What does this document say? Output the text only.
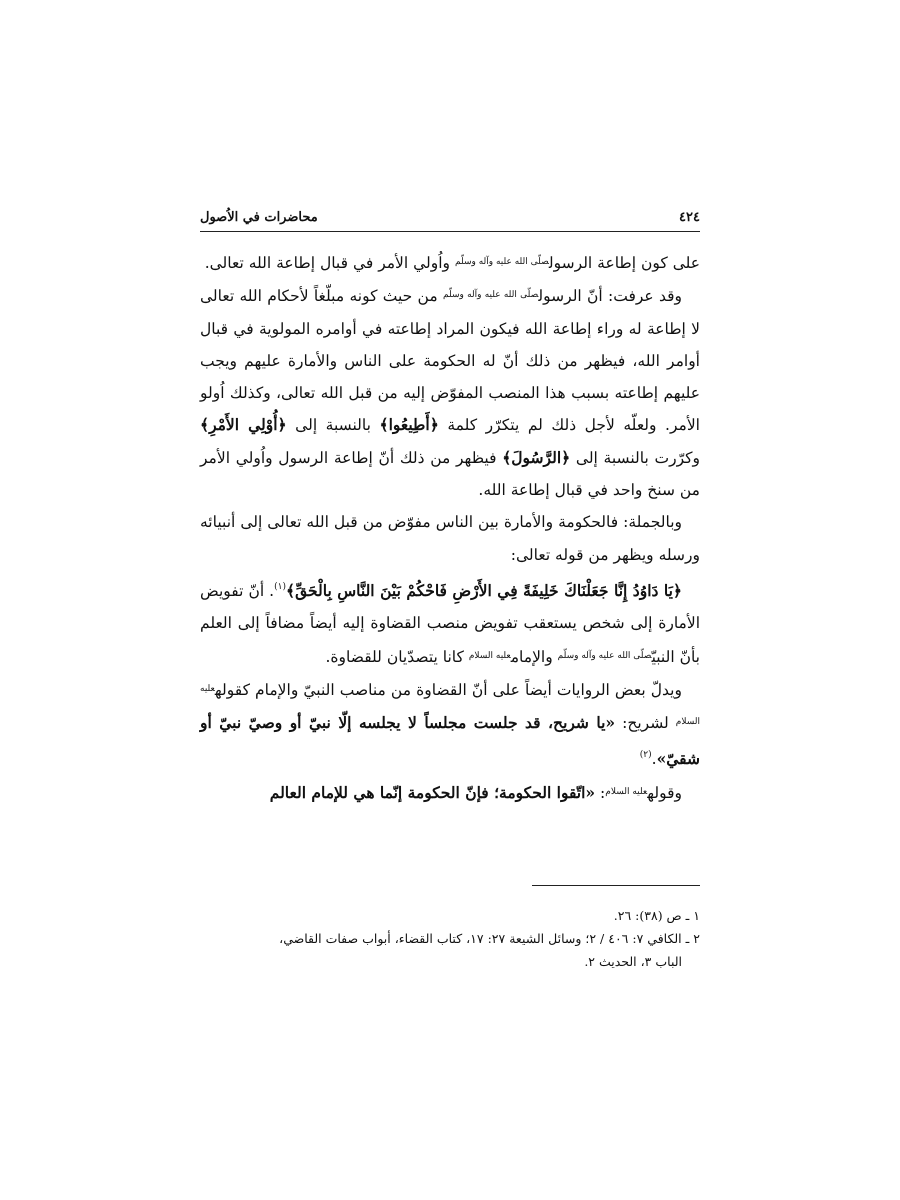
٤٢٤
محاضرات في الاُصول

على كون إطاعة الرسول$^{صلّى الله عليه وآله وسلّم}$ واُولي الأمر في قبال إطاعة الله تعالى.

وقد عرفت: أنّ الرسول$^{صلّى الله عليه وآله وسلّم}$ من حيث كونه مبلّغاً لأحكام الله تعالى لا إطاعة له وراء إطاعة الله فيكون المراد إطاعته في أوامره المولوية في قبال أوامر الله، فيظهر من ذلك أنّ له الحكومة على الناس والأمارة عليهم ويجب عليهم إطاعته بسبب هذا المنصب المفوّض إليه من قبل الله تعالى، وكذلك اُولو الأمر. ولعلّه لأجل ذلك لم يتكرّر كلمة ﴿أَطِيعُوا﴾ بالنسبة إلى ﴿أُوْلِي الأَمْرِ﴾ وكرّرت بالنسبة إلى ﴿الرَّسُولَ﴾ فيظهر من ذلك أنّ إطاعة الرسول واُولي الأمر من سنخ واحد في قبال إطاعة الله.

وبالجملة: فالحكومة والأمارة بين الناس مفوّض من قبل الله تعالى إلى أنبيائه ورسله ويظهر من قوله تعالى:

﴿يَا دَاوُدُ إِنَّا جَعَلْنَاكَ خَلِيفَةً فِي الأَرْضِ فَاحْكُمْ بَيْنَ النَّاسِ بِالْحَقِّ﴾$^{(١)}$. أنّ تفويض الأمارة إلى شخص يستعقب تفويض منصب القضاوة إليه أيضاً مضافاً إلى العلم بأنّ النبيّ$^{صلّى الله عليه وآله وسلّم}$ والإمام$^{عليه السلام}$ كانا يتصدّيان للقضاوة.

ويدلّ بعض الروايات أيضاً على أنّ القضاوة من مناصب النبيّ والإمام كقوله$^{عليه السلام}$ لشريح: «يا شريح، قد جلست مجلساً لا يجلسه إلّا نبيّ أو وصيّ نبيّ أو شقيّ».$^{(٢)}$

وقوله$^{عليه السلام}$: «اتّقوا الحكومة؛ فإنّ الحكومة إنّما هي للإمام العالم

١ ـ ص (٣٨): ٢٦.

٢ ـ الكافي ٧: ٤٠٦ / ٢؛ وسائل الشيعة ٢٧: ١٧، كتاب القضاء، أبواب صفات القاضي،

الباب ٣، الحديث ٢.
